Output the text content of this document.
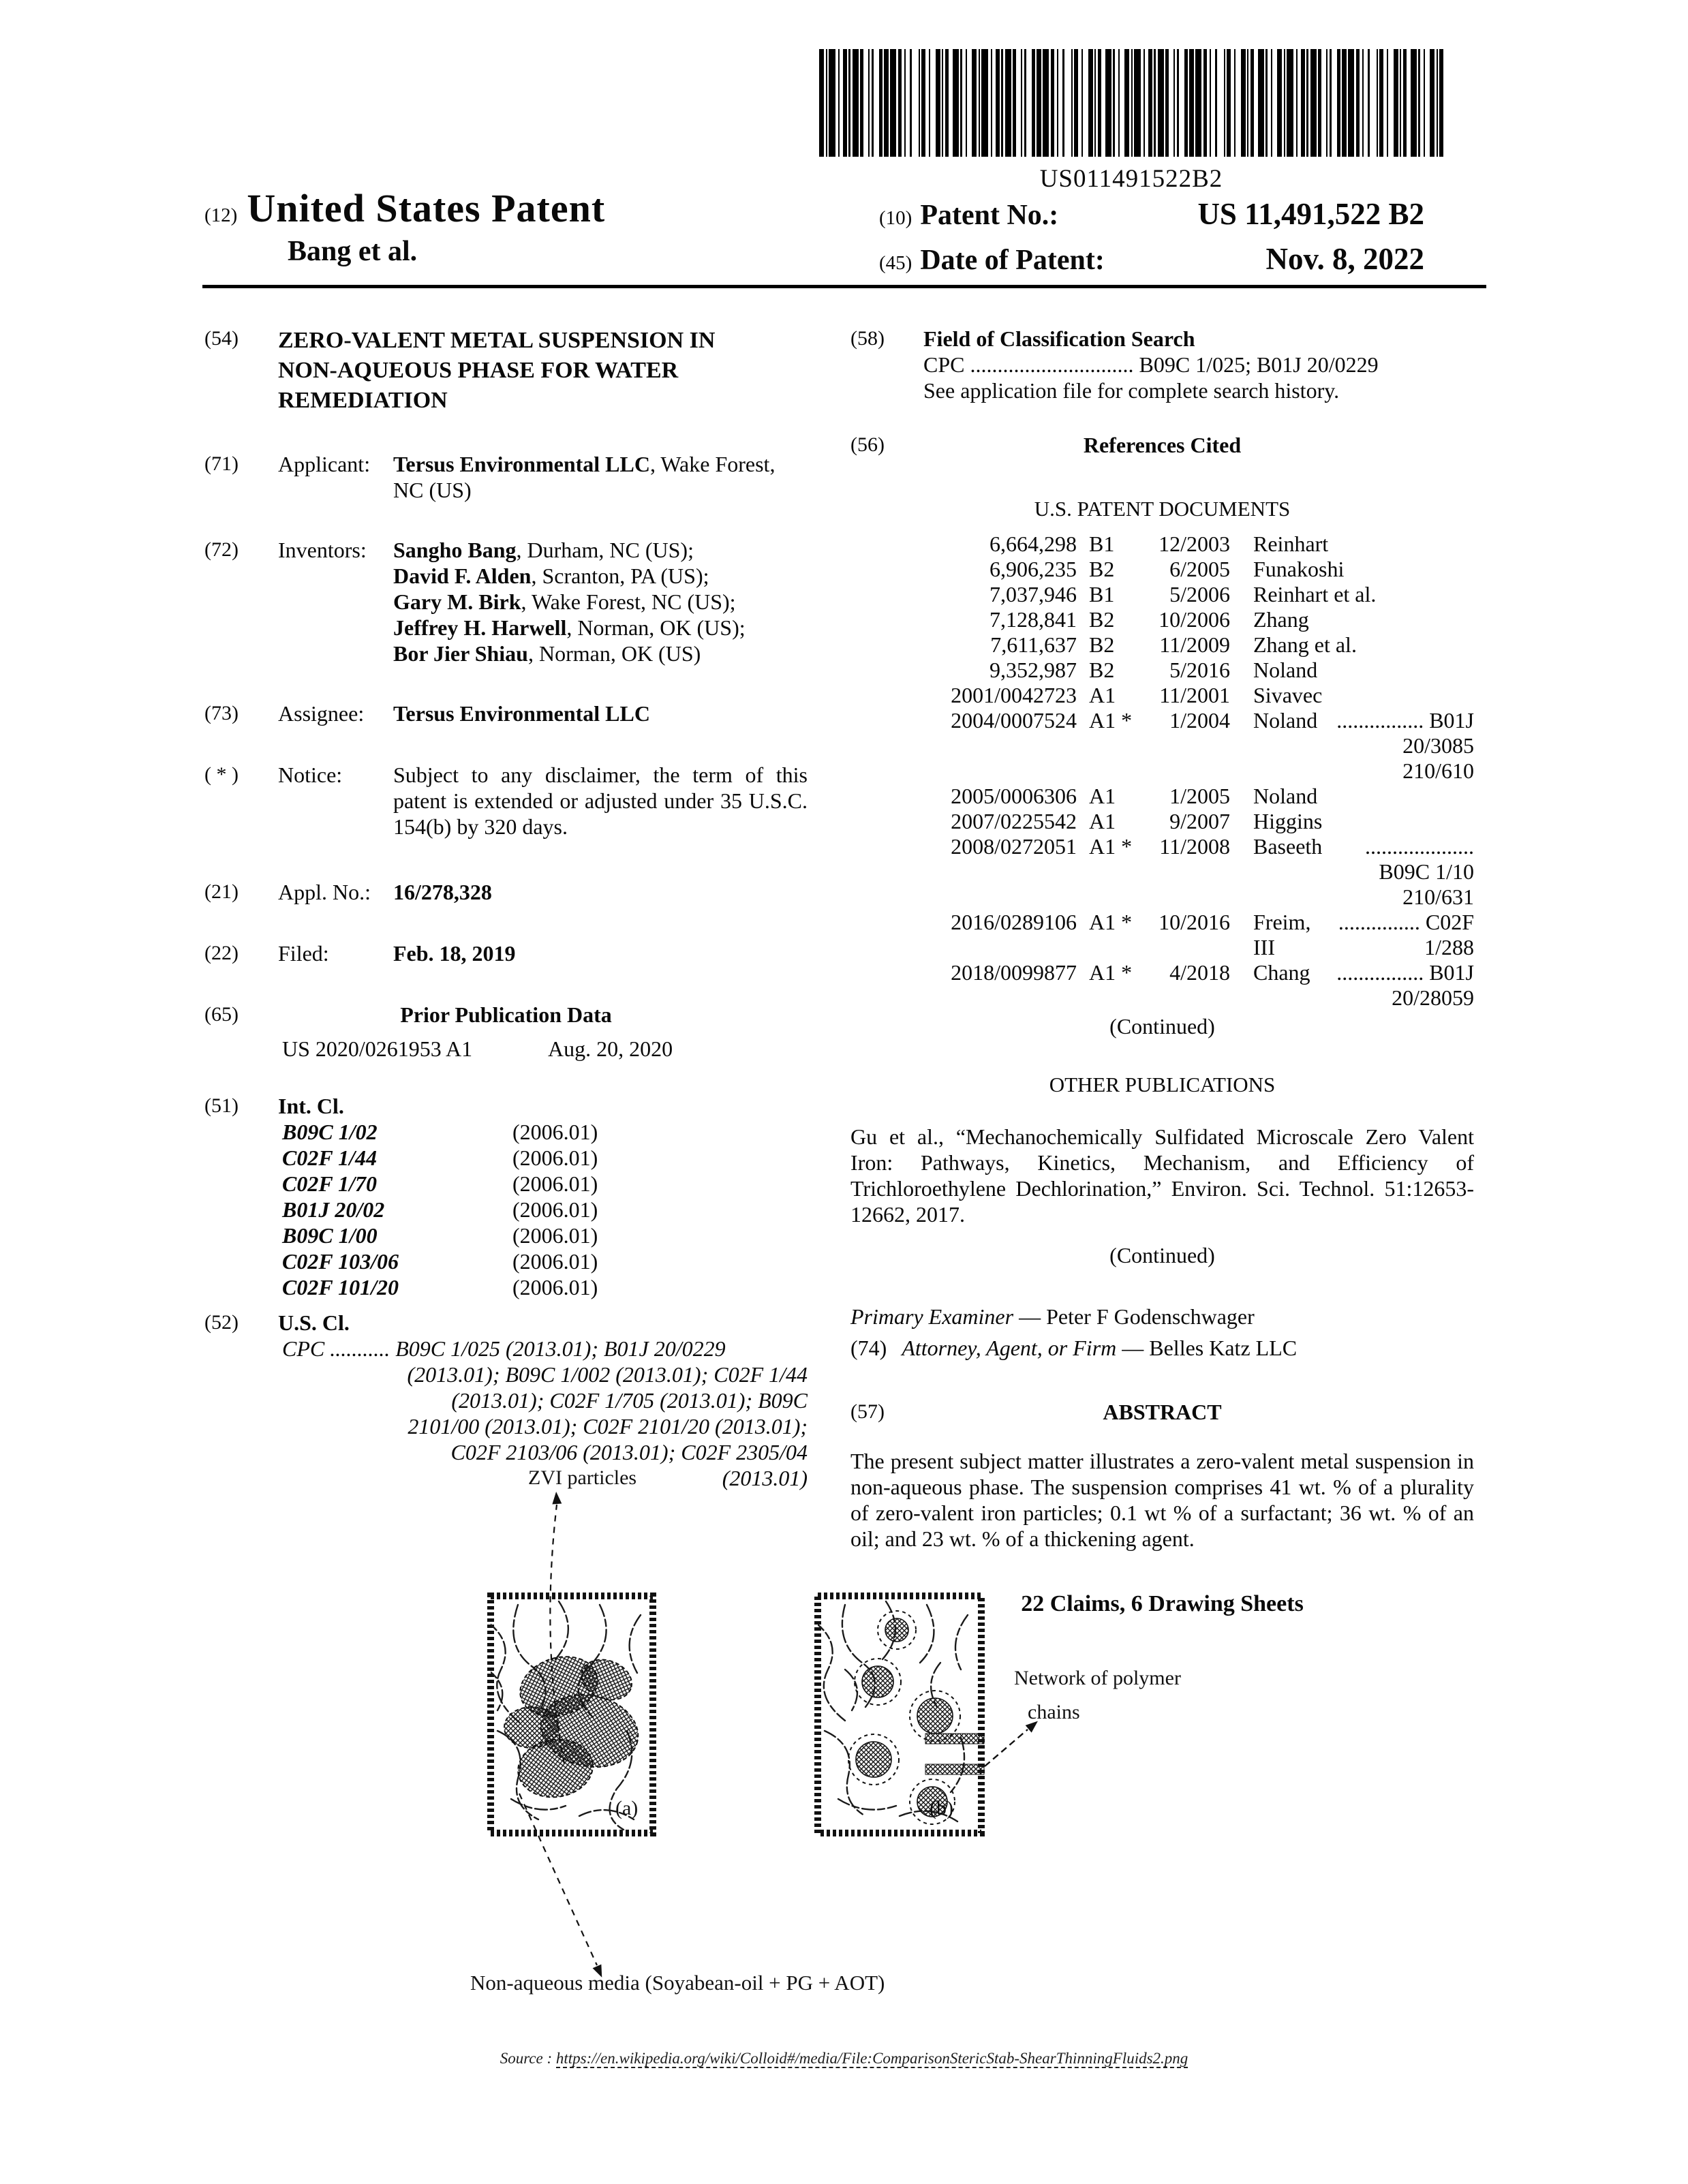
US011491522B2
(12) United States Patent
Bang et al.
(10) Patent No.:	US 11,491,522 B2
(45) Date of Patent:	Nov. 8, 2022
(54)	ZERO-VALENT METAL SUSPENSION IN NON-AQUEOUS PHASE FOR WATER REMEDIATION
(71)	Applicant:	Tersus Environmental LLC, Wake Forest, NC (US)
(72)	Inventors:	Sangho Bang, Durham, NC (US);
David F. Alden, Scranton, PA (US);
Gary M. Birk, Wake Forest, NC (US);
Jeffrey H. Harwell, Norman, OK (US);
Bor Jier Shiau, Norman, OK (US)
(73)	Assignee:	Tersus Environmental LLC
( * )	Notice:	Subject to any disclaimer, the term of this patent is extended or adjusted under 35 U.S.C. 154(b) by 320 days.
(21)	Appl. No.:	16/278,328
(22)	Filed:	Feb. 18, 2019
(65)	Prior Publication Data
US 2020/0261953 A1	Aug. 20, 2020
(51)	Int. Cl.
B09C 1/02	(2006.01)
C02F 1/44	(2006.01)
C02F 1/70	(2006.01)
B01J 20/02	(2006.01)
B09C 1/00	(2006.01)
C02F 103/06	(2006.01)
C02F 101/20	(2006.01)
(52)	U.S. Cl.
CPC ........... B09C 1/025 (2013.01); B01J 20/0229
(2013.01); B09C 1/002 (2013.01); C02F 1/44
(2013.01); C02F 1/705 (2013.01); B09C
2101/00 (2013.01); C02F 2101/20 (2013.01);
C02F 2103/06 (2013.01); C02F 2305/04
(2013.01)
(58)	Field of Classification Search
CPC .............................. B09C 1/025; B01J 20/0229
See application file for complete search history.
(56)	References Cited
U.S. PATENT DOCUMENTS
6,664,298 B1	12/2003 Reinhart
6,906,235 B2	6/2005 Funakoshi
7,037,946 B1	5/2006 Reinhart et al.
7,128,841 B2	10/2006 Zhang
7,611,637 B2	11/2009 Zhang et al.
9,352,987 B2	5/2016 Noland
2001/0042723 A1	11/2001 Sivavec
2004/0007524 A1 *	1/2004 Noland ................ B01J 20/3085
210/610
2005/0006306 A1	1/2005 Noland
2007/0225542 A1	9/2007 Higgins
2008/0272051 A1 *	11/2008 Baseeth	.................... B09C 1/10
210/631
2016/0289106 A1 *	10/2016 Freim, III
............... C02F 1/288
2018/0099877 A1 *	4/2018 Chang	................ B01J 20/28059
(Continued)
OTHER PUBLICATIONS
Gu et al., “Mechanochemically Sulfidated Microscale Zero Valent Iron: Pathways, Kinetics, Mechanism, and Efficiency of Trichloroethylene Dechlorination,” Environ. Sci. Technol. 51:12653-12662, 2017.
(Continued)
Primary Examiner — Peter F Godenschwager
(74) Attorney, Agent, or Firm — Belles Katz LLC
(57)	ABSTRACT
The present subject matter illustrates a zero-valent metal suspension in non-aqueous phase. The suspension comprises 41 wt. % of a plurality of zero-valent iron particles; 0.1 wt % of a surfactant; 36 wt. % of an oil; and 23 wt. % of a thickening agent.
22 Claims, 6 Drawing Sheets
ZVI particles
Network of polymer
chains
Non-aqueous media (Soyabean-oil + PG + AOT)
(a)	(b)
Source : https://en.wikipedia.org/wiki/Colloid#/media/File:ComparisonStericStab-ShearThinningFluids2.png
